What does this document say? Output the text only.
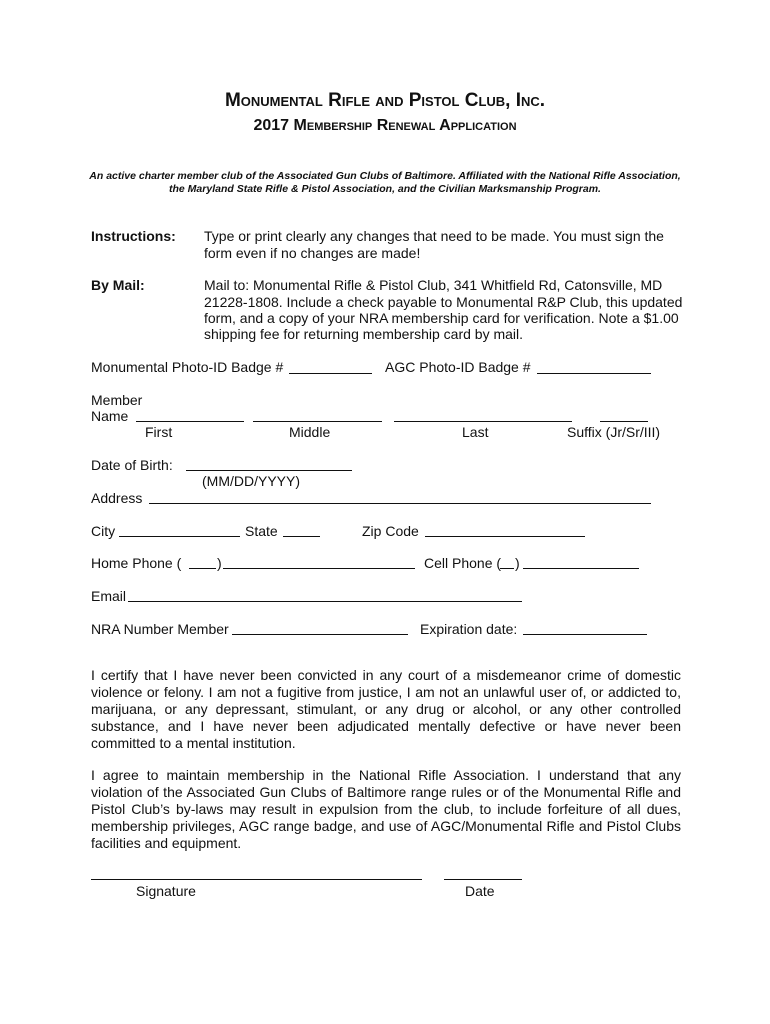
Monumental Rifle and Pistol Club, Inc.
2017 Membership Renewal Application
An active charter member club of the Associated Gun Clubs of Baltimore. Affiliated with the National Rifle Association,
the Maryland State Rifle & Pistol Association, and the Civilian Marksmanship Program.
Instructions: Type or print clearly any changes that need to be made. You must sign the
form even if no changes are made!
By Mail:	Mail to: Monumental Rifle & Pistol Club, 341 Whitfield Rd, Catonsville, MD
21228-1808. Include a check payable to Monumental R&P Club, this updated
form, and a copy of your NRA membership card for verification. Note a $1.00
shipping fee for returning membership card by mail.
Monumental Photo-ID Badge #	AGC Photo-ID Badge #
Member
Name
First	Middle	Last	Suffix (Jr/Sr/III)
Date of Birth:
(MM/DD/YYYY)
Address
City	State	Zip Code
Home Phone (	)	Cell Phone ( )
Email
NRA Number Member	Expiration date:
I certify that I have never been convicted in any court of a misdemeanor crime of domestic violence or felony. I am not a fugitive from justice, I am not an unlawful user of, or addicted to, marijuana, or any depressant, stimulant, or any drug or alcohol, or any other controlled substance, and I have never been adjudicated mentally defective or have never been committed to a mental institution.
I agree to maintain membership in the National Rifle Association. I understand that any violation of the Associated Gun Clubs of Baltimore range rules or of the Monumental Rifle and Pistol Club’s by-laws may result in expulsion from the club, to include forfeiture of all dues, membership privileges, AGC range badge, and use of AGC/Monumental Rifle and Pistol Clubs facilities and equipment.
Signature	Date
